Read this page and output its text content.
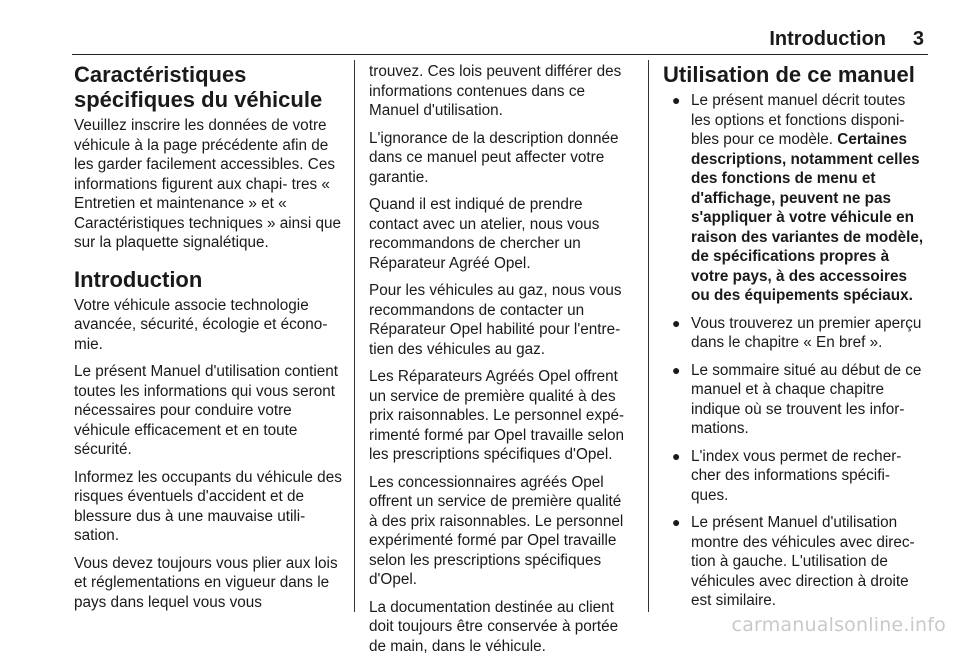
Introduction 3
Caractéristiques spécifiques du véhicule

Veuillez inscrire les données de votre véhicule à la page précédente afin de les garder facilement accessibles. Ces informations figurent aux chapi- tres « Entretien et maintenance » et « Caractéristiques techniques » ainsi que sur la plaquette signalétique.

Introduction

Votre véhicule associe technologie avancée, sécurité, écologie et écono- mie.

Le présent Manuel d'utilisation contient toutes les informations qui vous seront nécessaires pour conduire votre véhicule efficacement et en toute sécurité.

Informez les occupants du véhicule des risques éventuels d'accident et de blessure dus à une mauvaise utili- sation.

Vous devez toujours vous plier aux lois et réglementations en vigueur dans le pays dans lequel vous vous

trouvez. Ces lois peuvent différer des informations contenues dans ce Manuel d'utilisation.

L'ignorance de la description donnée dans ce manuel peut affecter votre garantie.

Quand il est indiqué de prendre contact avec un atelier, nous vous recommandons de chercher un Réparateur Agréé Opel.

Pour les véhicules au gaz, nous vous recommandons de contacter un Réparateur Opel habilité pour l'entre- tien des véhicules au gaz.

Les Réparateurs Agréés Opel offrent un service de première qualité à des prix raisonnables. Le personnel expé- rimenté formé par Opel travaille selon les prescriptions spécifiques d'Opel.

Les concessionnaires agréés Opel offrent un service de première qualité à des prix raisonnables. Le personnel expérimenté formé par Opel travaille selon les prescriptions spécifiques d'Opel.

La documentation destinée au client doit toujours être conservée à portée de main, dans le véhicule.

Utilisation de ce manuel
● Le présent manuel décrit toutes les options et fonctions disponi- bles pour ce modèle. Certaines descriptions, notamment celles des fonctions de menu et d'affichage, peuvent ne pas s'appliquer à votre véhicule en raison des variantes de modèle, de spécifications propres à votre pays, à des accessoires ou des équipements spéciaux.
● Vous trouverez un premier aperçu dans le chapitre « En bref ».
● Le sommaire situé au début de ce manuel et à chaque chapitre indique où se trouvent les infor- mations.
● L'index vous permet de recher- cher des informations spécifi- ques.
● Le présent Manuel d'utilisation montre des véhicules avec direc- tion à gauche. L'utilisation de véhicules avec direction à droite est similaire.
carmanualsonline.info
